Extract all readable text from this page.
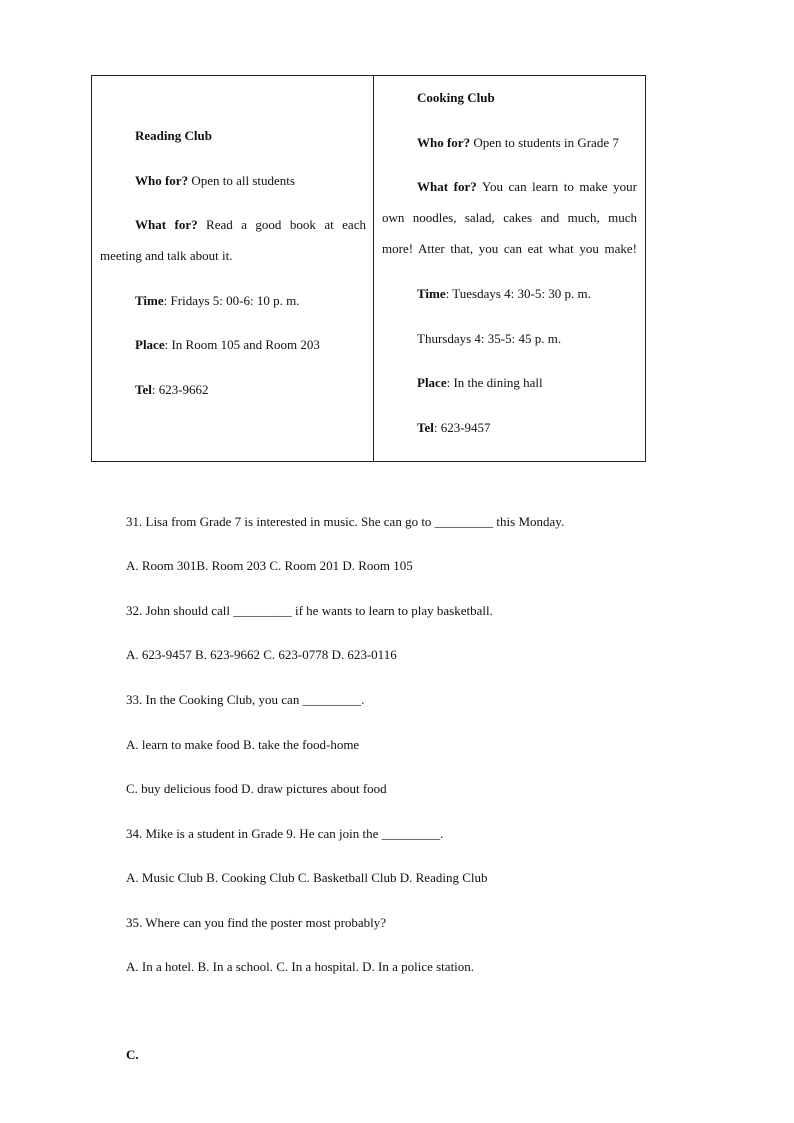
Reading Club
Who for? Open to all students
What for? Read a good book at each
meeting and talk about it.
Time: Fridays 5: 00-6: 10 p. m.
Place: In Room 105 and Room 203
Tel: 623-9662
Cooking Club
Who for? Open to students in Grade 7
What for? You can learn to make your
own noodles, salad, cakes and much, much
more! Atter that, you can eat what you make!
Time: Tuesdays 4: 30-5: 30 p. m.
Thursdays 4: 35-5: 45 p. m.
Place: In the dining hall
Tel: 623-9457
31. Lisa from Grade 7 is interested in music. She can go to _________ this Monday.
A. Room 301B. Room 203 C. Room 201 D. Room 105
32. John should call _________ if he wants to learn to play basketball.
A. 623-9457 B. 623-9662 C. 623-0778 D. 623-0116
33. In the Cooking Club, you can _________.
A. learn to make food B. take the food-home
C. buy delicious food D. draw pictures about food
34. Mike is a student in Grade 9. He can join the _________.
A. Music Club B. Cooking Club C. Basketball Club D. Reading Club
35. Where can you find the poster most probably?
A. In a hotel. B. In a school. C. In a hospital. D. In a police station.
C.
